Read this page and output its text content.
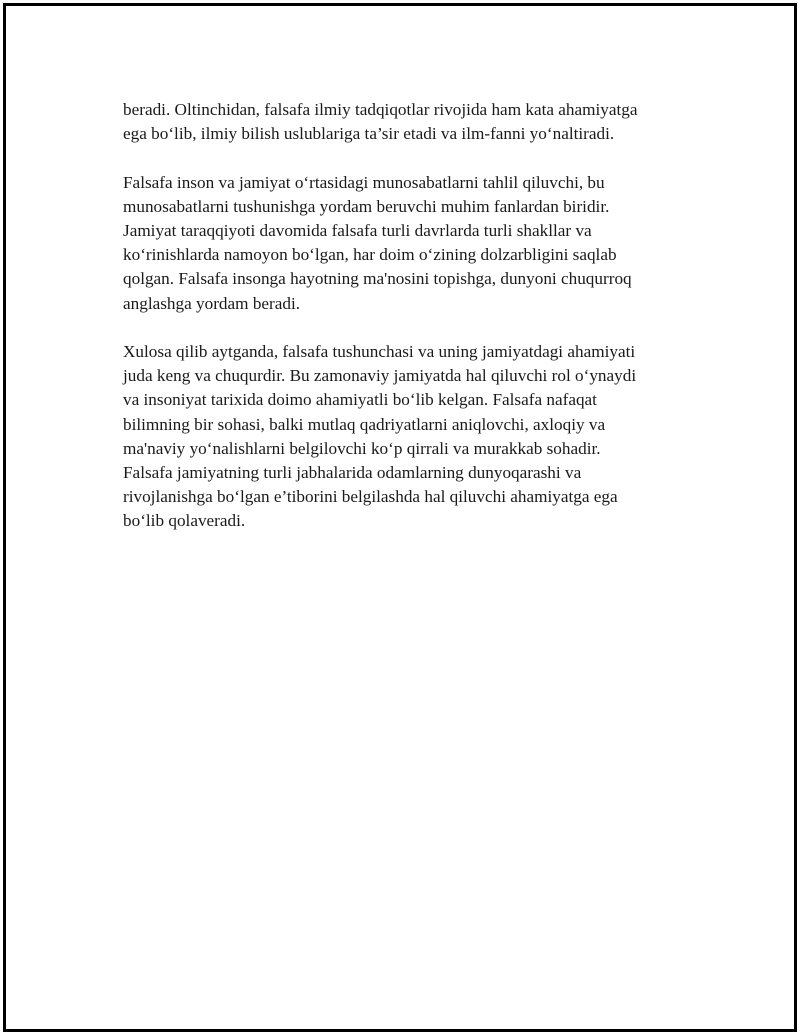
beradi. Oltinchidan, falsafa ilmiy tadqiqotlar rivojida ham kata ahamiyatga
ega bo‘lib, ilmiy bilish uslublariga ta’sir etadi va ilm-fanni yo‘naltiradi.

Falsafa inson va jamiyat o‘rtasidagi munosabatlarni tahlil qiluvchi, bu
munosabatlarni tushunishga yordam beruvchi muhim fanlardan biridir.
Jamiyat taraqqiyoti davomida falsafa turli davrlarda turli shakllar va
ko‘rinishlarda namoyon bo‘lgan, har doim o‘zining dolzarbligini saqlab
qolgan. Falsafa insonga hayotning ma'nosini topishga, dunyoni chuqurroq
anglashga yordam beradi.

Xulosa qilib aytganda, falsafa tushunchasi va uning jamiyatdagi ahamiyati
juda keng va chuqurdir. Bu zamonaviy jamiyatda hal qiluvchi rol o‘ynaydi
va insoniyat tarixida doimo ahamiyatli bo‘lib kelgan. Falsafa nafaqat
bilimning bir sohasi, balki mutlaq qadriyatlarni aniqlovchi, axloqiy va
ma'naviy yo‘nalishlarni belgilovchi ko‘p qirrali va murakkab sohadir.
Falsafa jamiyatning turli jabhalarida odamlarning dunyoqarashi va
rivojlanishga bo‘lgan e’tiborini belgilashda hal qiluvchi ahamiyatga ega
bo‘lib qolaveradi.
